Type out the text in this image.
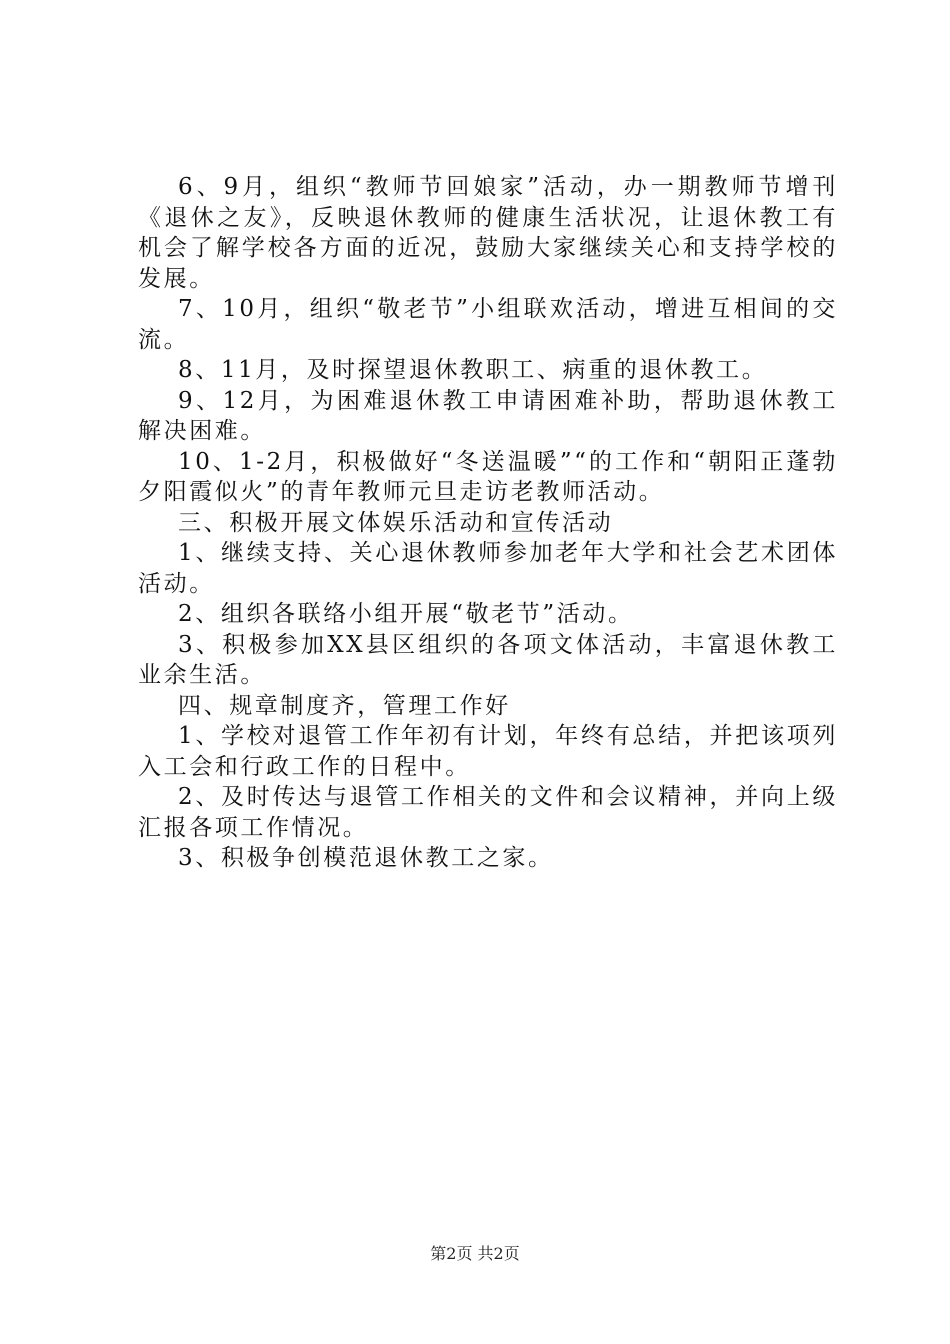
6、9月，组织“教师节回娘家”活动，办一期教师节增刊《退休之友》，反映退休教师的健康生活状况，让退休教工有机会了解学校各方面的近况，鼓励大家继续关心和支持学校的发展。

7、10月，组织“敬老节”小组联欢活动，增进互相间的交流。

8、11月，及时探望退休教职工、病重的退休教工。

9、12月，为困难退休教工申请困难补助，帮助退休教工解决困难。

10、1-2月，积极做好“冬送温暖”“的工作和“朝阳正蓬勃夕阳霞似火”的青年教师元旦走访老教师活动。

三、积极开展文体娱乐活动和宣传活动

1、继续支持、关心退休教师参加老年大学和社会艺术团体活动。

2、组织各联络小组开展“敬老节”活动。

3、积极参加XX县区组织的各项文体活动，丰富退休教工业余生活。

四、规章制度齐，管理工作好

1、学校对退管工作年初有计划，年终有总结，并把该项列入工会和行政工作的日程中。

2、及时传达与退管工作相关的文件和会议精神，并向上级汇报各项工作情况。

3、积极争创模范退休教工之家。

第2页 共2页
